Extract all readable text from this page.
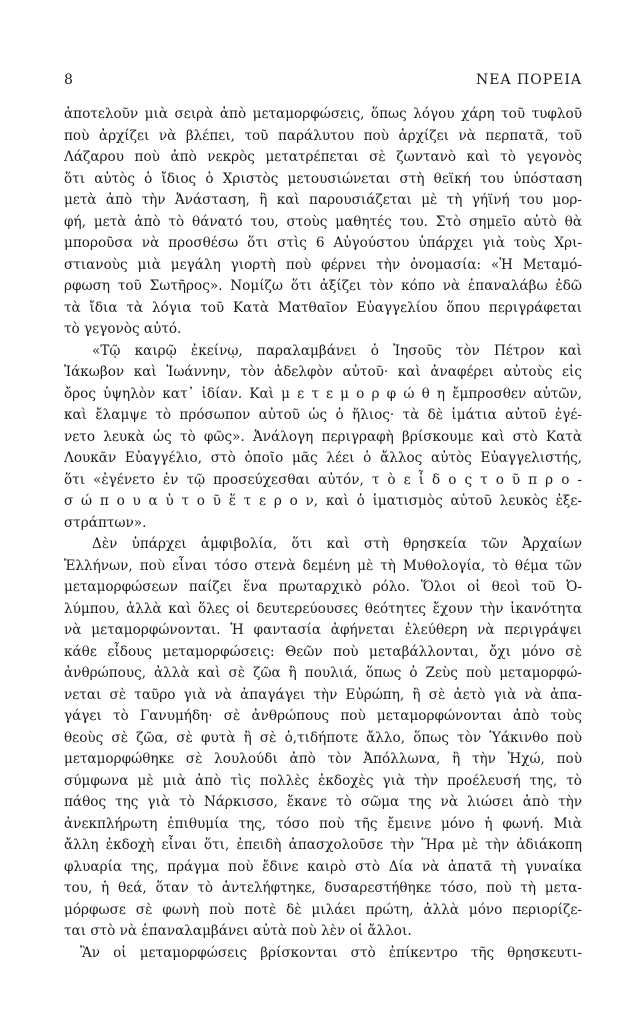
8	ΝΕΑ ΠΟΡΕΙΑ
ἀποτελοῦν μιὰ σειρὰ ἀπὸ μεταμορφώσεις, ὅπως λόγου χάρη τοῦ τυφλοῦ
ποὺ ἀρχίζει νὰ βλέπει, τοῦ παράλυτου ποὺ ἀρχίζει νὰ περπατᾶ, τοῦ
Λάζαρου ποὺ ἀπὸ νεκρὸς μετατρέπεται σὲ ζωντανὸ καὶ τὸ γεγονὸς
ὅτι αὐτὸς ὁ ἴδιος ὁ Χριστὸς μετουσιώνεται στὴ θεϊκή του ὑπόσταση
μετὰ ἀπὸ τὴν Ἀνάσταση, ἢ καὶ παρουσιάζεται μὲ τὴ γήϊνή του μορ-
φή, μετὰ ἀπὸ τὸ θάνατό του, στοὺς μαθητές του. Στὸ σημεῖο αὐτὸ θὰ
μποροῦσα νὰ προσθέσω ὅτι στὶς 6 Αὐγούστου ὑπάρχει γιὰ τοὺς Χρι-
στιανοὺς μιὰ μεγάλη γιορτὴ ποὺ φέρνει τὴν ὀνομασία: «Ἡ Μεταμό-
ρφωση τοῦ Σωτῆρος». Νομίζω ὅτι ἀξίζει τὸν κόπο νὰ ἐπαναλάβω ἐδῶ
τὰ ἴδια τὰ λόγια τοῦ Κατὰ Ματθαῖον Εὐαγγελίου ὅπου περιγράφεται
τὸ γεγονὸς αὐτό.
«Τῷ καιρῷ ἐκείνῳ, παραλαμβάνει ὁ Ἰησοῦς τὸν Πέτρον καὶ
Ἰάκωβον καὶ Ἰωάννην, τὸν ἀδελφὸν αὐτοῦ· καὶ ἀναφέρει αὐτοὺς εἰς
ὄρος ὑψηλὸν κατ᾽ ἰδίαν. Καὶ μ ε τ ε μ ο ρ φ ώ θ η ἔμπροσθεν αὐτῶν,
καὶ ἔλαμψε τὸ πρόσωπον αὐτοῦ ὡς ὁ ἥλιος· τὰ δὲ ἱμάτια αὐτοῦ ἐγέ-
νετο λευκὰ ὡς τὸ φῶς». Ἀνάλογη περιγραφὴ βρίσκουμε καὶ στὸ Κατὰ
Λουκᾶν Εὐαγγέλιο, στὸ ὁποῖο μᾶς λέει ὁ ἄλλος αὐτὸς Εὐαγγελιστής,
ὅτι «ἐγένετο ἐν τῷ προσεύχεσθαι αὐτόν, τ ὸ ε ἶ δ ο ς τ ο ῦ π ρ ο -
σ ώ π ο υ α ὐ τ ο ῦ ἕ τ ε ρ ο ν, καὶ ὁ ἱματισμὸς αὐτοῦ λευκὸς ἐξε-
στράπτων».
Δὲν ὑπάρχει ἀμφιβολία, ὅτι καὶ στὴ θρησκεία τῶν Ἀρχαίων
Ἑλλήνων, ποὺ εἶναι τόσο στενὰ δεμένη μὲ τὴ Μυθολογία, τὸ θέμα τῶν
μεταμορφώσεων παίζει ἕνα πρωταρχικὸ ρόλο. Ὅλοι οἱ θεοὶ τοῦ Ὀ-
λύμπου, ἀλλὰ καὶ ὅλες οἱ δευτερεύουσες θεότητες ἔχουν τὴν ἱκανότητα
νὰ μεταμορφώνονται. Ἡ φαντασία ἀφήνεται ἐλεύθερη νὰ περιγράψει
κάθε εἶδους μεταμορφώσεις: Θεῶν ποὺ μεταβάλλονται, ὄχι μόνο σὲ
ἀνθρώπους, ἀλλὰ καὶ σὲ ζῶα ἢ πουλιά, ὅπως ὁ Ζεὺς ποὺ μεταμορφώ-
νεται σὲ ταῦρο γιὰ νὰ ἀπαγάγει τὴν Εὐρώπη, ἢ σὲ ἀετὸ γιὰ νὰ ἀπα-
γάγει τὸ Γανυμήδη· σὲ ἀνθρώπους ποὺ μεταμορφώνονται ἀπὸ τοὺς
θεοὺς σὲ ζῶα, σὲ φυτὰ ἢ σὲ ὁ,τιδήποτε ἄλλο, ὅπως τὸν Ὑάκινθο ποὺ
μεταμορφώθηκε σὲ λουλούδι ἀπὸ τὸν Ἀπόλλωνα, ἢ τὴν Ἠχώ, ποὺ
σύμφωνα μὲ μιὰ ἀπὸ τὶς πολλὲς ἐκδοχὲς γιὰ τὴν προέλευσή της, τὸ
πάθος της γιὰ τὸ Νάρκισσο, ἔκανε τὸ σῶμα της νὰ λιώσει ἀπὸ τὴν
ἀνεκπλήρωτη ἐπιθυμία της, τόσο ποὺ τῆς ἔμεινε μόνο ἡ φωνή. Μιὰ
ἄλλη ἐκδοχὴ εἶναι ὅτι, ἐπειδὴ ἀπασχολοῦσε τὴν Ἥρα μὲ τὴν ἀδιάκοπη
φλυαρία της, πράγμα ποὺ ἔδινε καιρὸ στὸ Δία νὰ ἀπατᾶ τὴ γυναίκα
του, ἡ θεά, ὅταν τὸ ἀντελήφτηκε, δυσαρεστήθηκε τόσο, ποὺ τὴ μετα-
μόρφωσε σὲ φωνὴ ποὺ ποτὲ δὲ μιλάει πρώτη, ἀλλὰ μόνο περιορίζε-
ται στὸ νὰ ἐπαναλαμβάνει αὐτὰ ποὺ λὲν οἱ ἄλλοι.
Ἂν οἱ μεταμορφώσεις βρίσκονται στὸ ἐπίκεντρο τῆς θρησκευτι-
